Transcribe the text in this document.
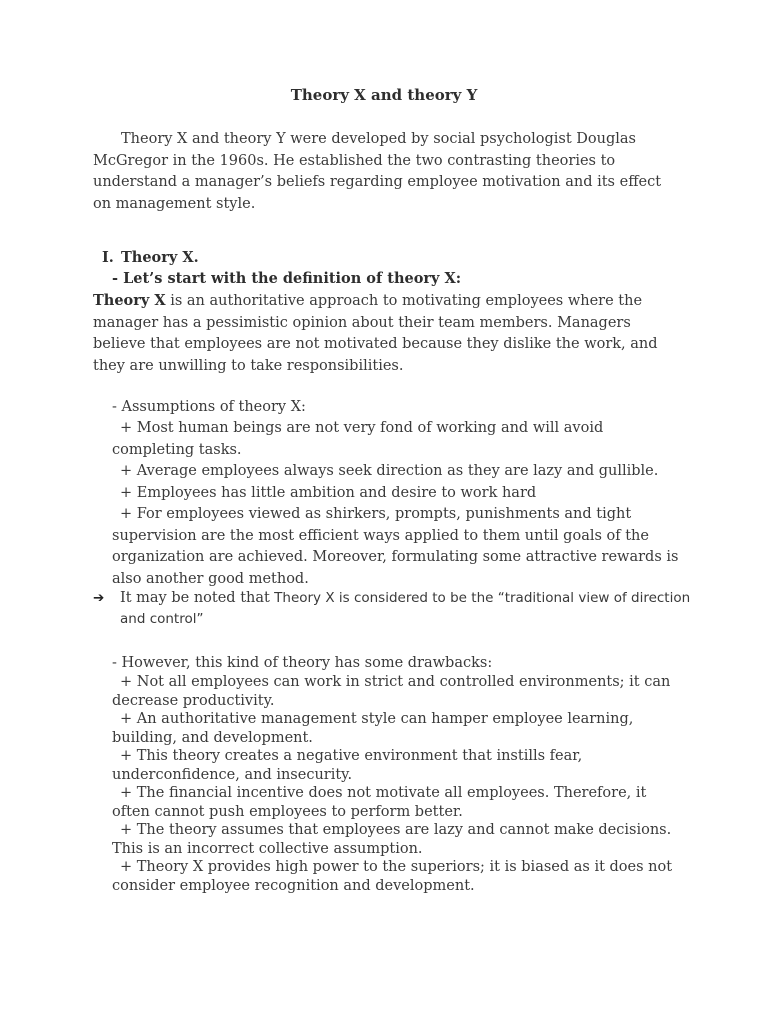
Theory X and theory Y

Theory X and theory Y were developed by social psychologist Douglas McGregor in the 1960s. He established the two contrasting theories to understand a manager’s beliefs regarding employee motivation and its effect on management style.

I. Theory X.

- Let’s start with the definition of theory X:

Theory X is an authoritative approach to motivating employees where the manager has a pessimistic opinion about their team members. Managers believe that employees are not motivated because they dislike the work, and they are unwilling to take responsibilities.

- Assumptions of theory X:

+ Most human beings are not very fond of working and will avoid completing tasks.
+ Average employees always seek direction as they are lazy and gullible.
+ Employees has little ambition and desire to work hard
+ For employees viewed as shirkers, prompts, punishments and tight supervision are the most efficient ways applied to them until goals of the organization are achieved. Moreover, formulating some attractive rewards is also another good method.

➔	It may be noted that Theory X is considered to be the “traditional view of direction and control”

- However, this kind of theory has some drawbacks:

+ Not all employees can work in strict and controlled environments; it can decrease productivity.
+ An authoritative management style can hamper employee learning, building, and development.
+ This theory creates a negative environment that instills fear, underconfidence, and insecurity.
+ The financial incentive does not motivate all employees. Therefore, it often cannot push employees to perform better.
+ The theory assumes that employees are lazy and cannot make decisions. This is an incorrect collective assumption.
+ Theory X provides high power to the superiors; it is biased as it does not consider employee recognition and development.
